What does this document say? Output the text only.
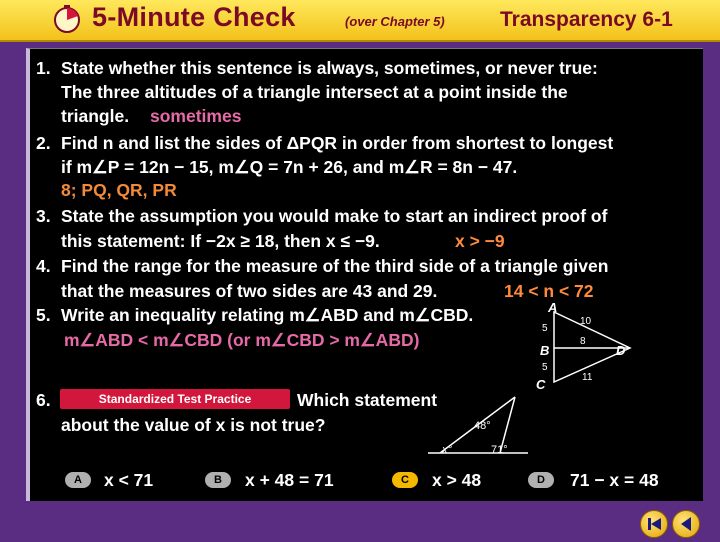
5-Minute Check	(over Chapter 5)	Transparency 6-1
1. State whether this sentence is always, sometimes, or never true:
The three altitudes of a triangle intersect at a point inside the
triangle. sometimes
2. Find n and list the sides of ΔPQR in order from shortest to longest
if m∠P = 12n − 15, m∠Q = 7n + 26, and m∠R = 8n − 47.
8; PQ, QR, PR
3. State the assumption you would make to start an indirect proof of
this statement: If −2x ≥ 18, then x ≤ −9.	x > −9
4. Find the range for the measure of the third side of a triangle given
that the measures of two sides are 43 and 29.	14 < n < 72
5. Write an inequality relating m∠ABD and m∠CBD.
m∠ABD < m∠CBD (or m∠CBD > m∠ABD)
A
B
C
D
5
5
10
8
11
6.	Standardized Test Practice	Which statement
about the value of x is not true?	48°
x°	71°
A	x < 71	B	x + 48 = 71	C	x > 48	D	71 − x = 48
